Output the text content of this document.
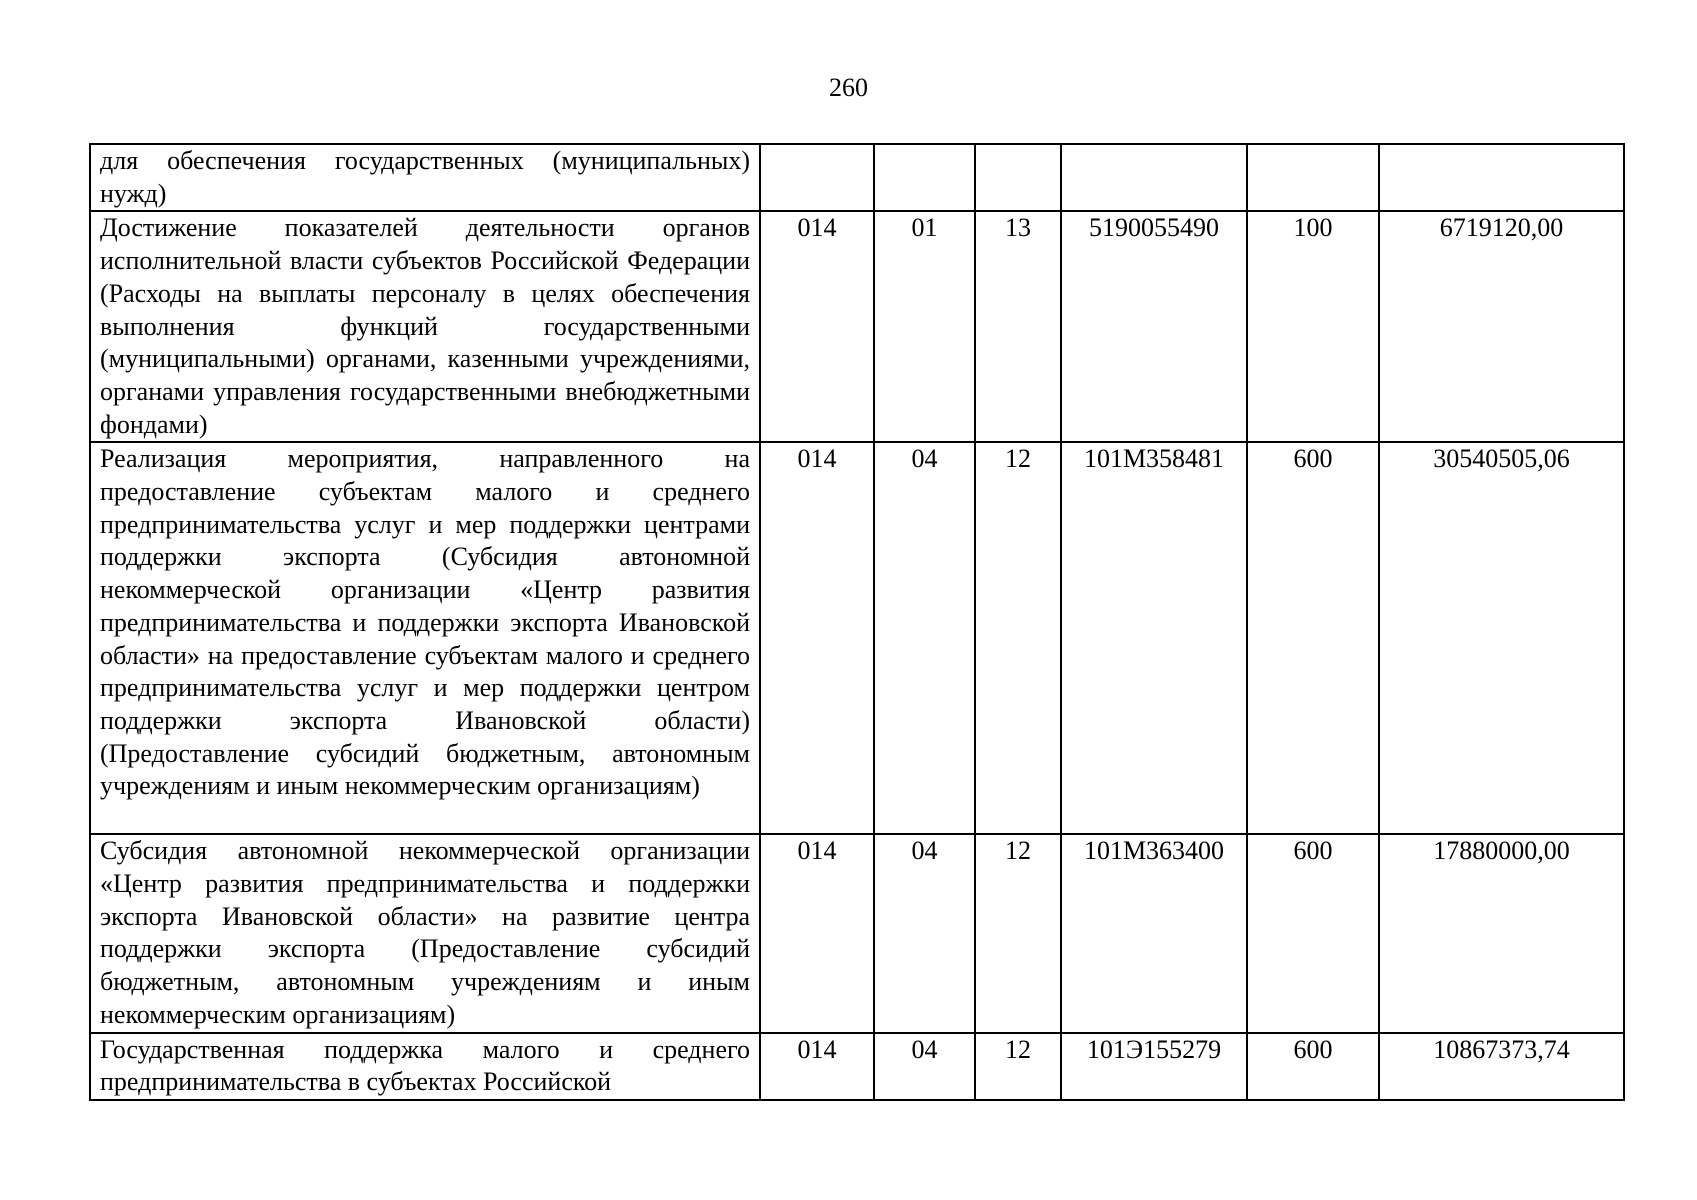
260
для обеспечения государственных (муниципальных) нужд)						
Достижение показателей деятельности органов исполнительной власти субъектов Российской Федерации (Расходы на выплаты персоналу в целях обеспечения выполнения функций государственными (муниципальными) органами, казенными учреждениями, органами управления государственными внебюджетными фондами)	014	01	13	5190055490	100	6719120,00
Реализация мероприятия, направленного на предоставление субъектам малого и среднего предпринимательства услуг и мер поддержки центрами поддержки экспорта (Субсидия автономной некоммерческой организации «Центр развития предпринимательства и поддержки экспорта Ивановской области» на предоставление субъектам малого и среднего предпринимательства услуг и мер поддержки центром поддержки экспорта Ивановской области) (Предоставление субсидий бюджетным, автономным учреждениям и иным некоммерческим организациям)	014	04	12	101M358481	600	30540505,06
Субсидия автономной некоммерческой организации «Центр развития предпринимательства и поддержки экспорта Ивановской области» на развитие центра поддержки экспорта (Предоставление субсидий бюджетным, автономным учреждениям и иным некоммерческим организациям)	014	04	12	101M363400	600	17880000,00
Государственная поддержка малого и среднего предпринимательства в субъектах Российской	014	04	12	101Э155279	600	10867373,74
